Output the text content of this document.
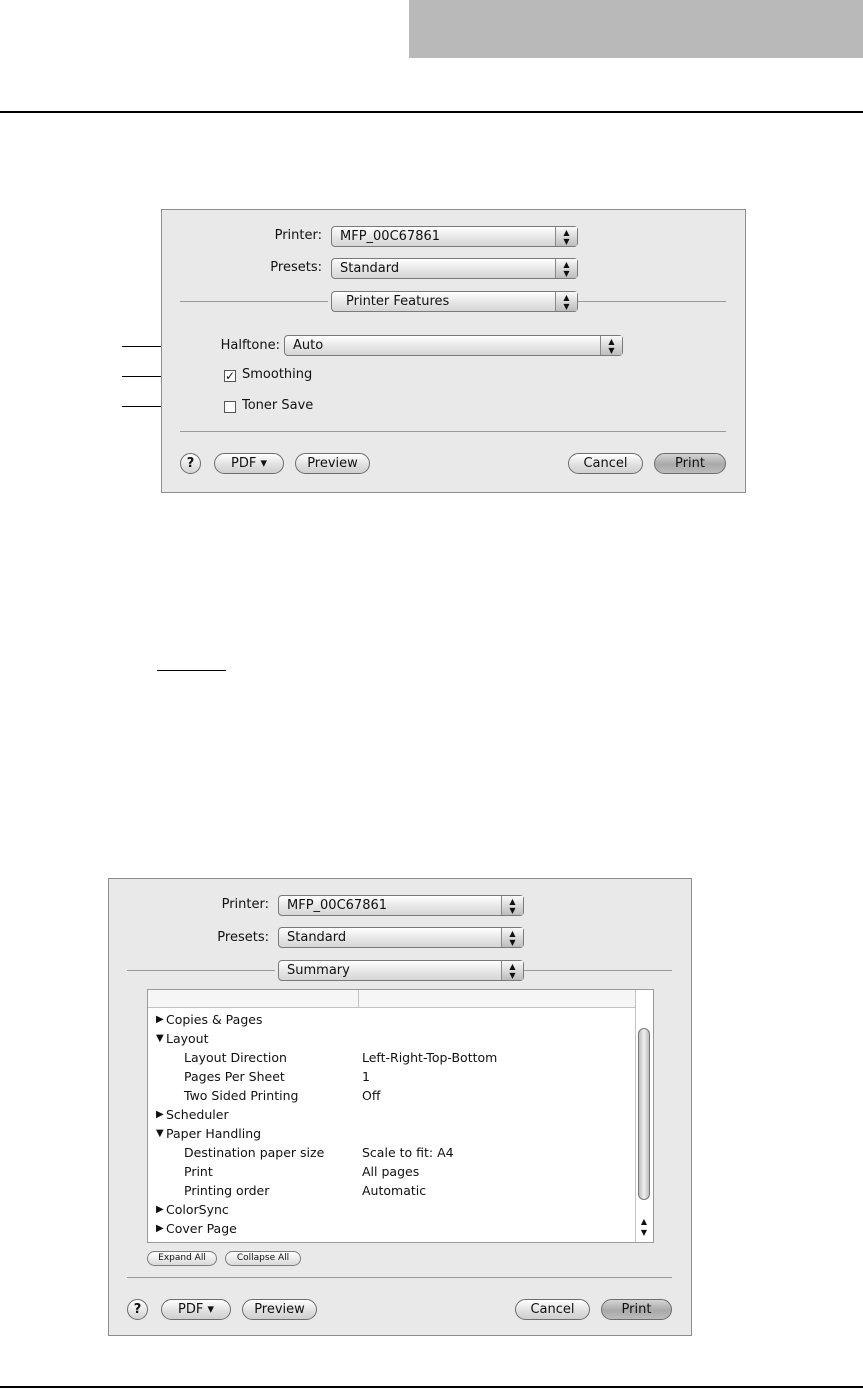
Printer:	MFP_00C67861	▲
▼
Presets:	Standard	▲
▼
Printer Features	▲
▼
Halftone:	Auto	▲
▼
✓ Smoothing
Toner Save
?	PDF ▾	Preview	Cancel	Print
Printer:	MFP_00C67861	▲
▼
Presets:	Standard	▲
▼
Summary	▲
▼
▶ Copies & Pages
▼ Layout
Layout Direction	Left-Right-Top-Bottom
Pages Per Sheet	1
Two Sided Printing	Off
▶ Scheduler
▼ Paper Handling
Destination paper size	Scale to fit: A4
Print	All pages
Printing order	Automatic
▶ ColorSync
▶ Cover Page	▲
▼
Expand All	Collapse All
?	PDF ▾	Preview	Cancel	Print
